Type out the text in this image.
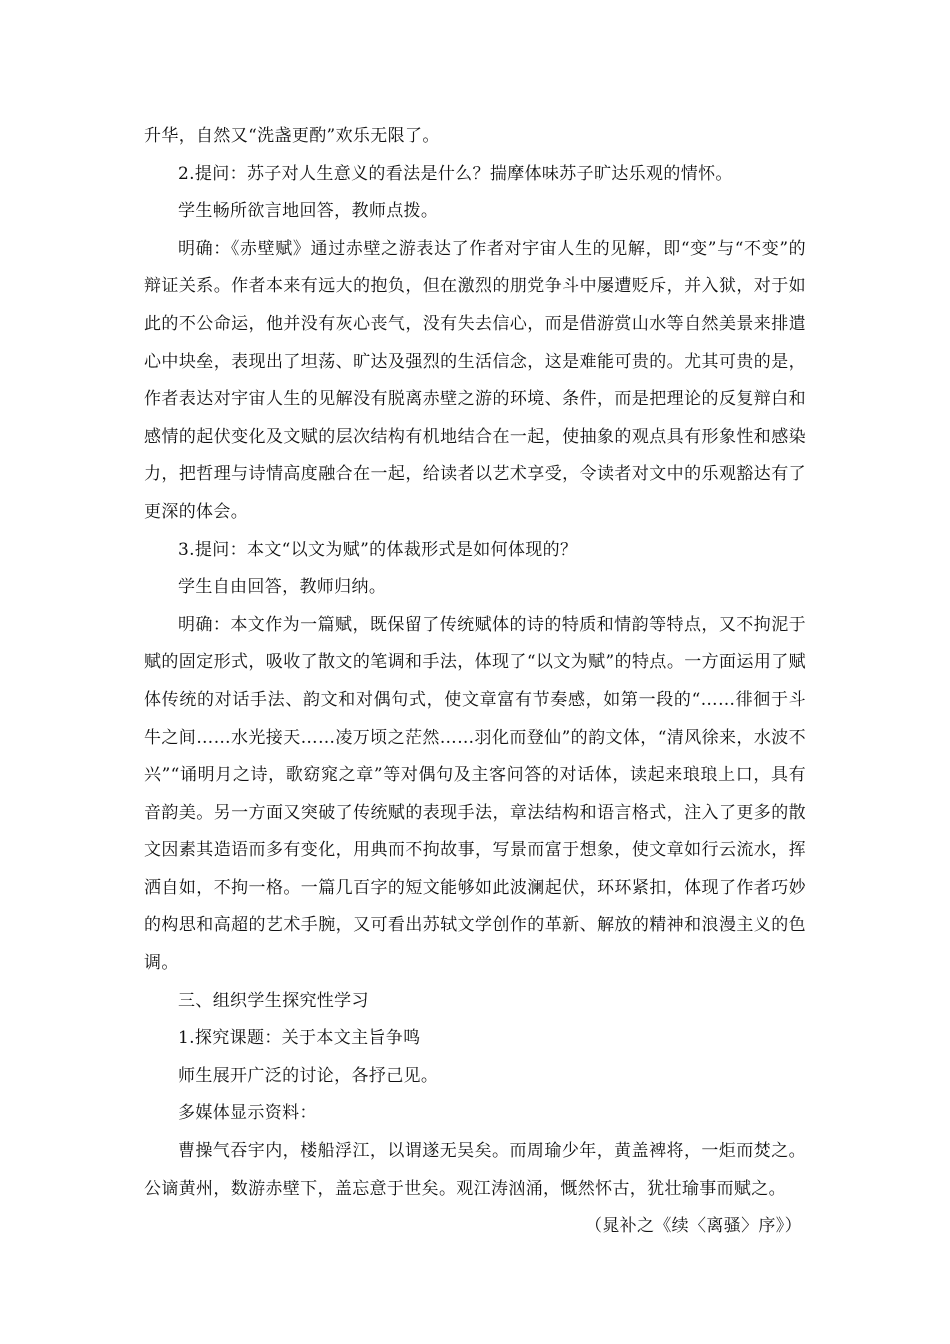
升华，自然又“洗盏更酌”欢乐无限了。

2.提问：苏子对人生意义的看法是什么？揣摩体味苏子旷达乐观的情怀。

学生畅所欲言地回答，教师点拨。

明确：《赤壁赋》通过赤壁之游表达了作者对宇宙人生的见解，即“变”与“不变”的辩证关系。作者本来有远大的抱负，但在激烈的朋党争斗中屡遭贬斥，并入狱，对于如此的不公命运，他并没有灰心丧气，没有失去信心，而是借游赏山水等自然美景来排遣心中块垒，表现出了坦荡、旷达及强烈的生活信念，这是难能可贵的。尤其可贵的是，作者表达对宇宙人生的见解没有脱离赤壁之游的环境、条件，而是把理论的反复辩白和感情的起伏变化及文赋的层次结构有机地结合在一起，使抽象的观点具有形象性和感染力，把哲理与诗情高度融合在一起，给读者以艺术享受，令读者对文中的乐观豁达有了更深的体会。

3.提问：本文“以文为赋”的体裁形式是如何体现的？

学生自由回答，教师归纳。

明确：本文作为一篇赋，既保留了传统赋体的诗的特质和情韵等特点，又不拘泥于赋的固定形式，吸收了散文的笔调和手法，体现了“以文为赋”的特点。一方面运用了赋体传统的对话手法、韵文和对偶句式，使文章富有节奏感，如第一段的“……徘徊于斗牛之间……水光接天……凌万顷之茫然……羽化而登仙”的韵文体，“清风徐来，水波不兴”“诵明月之诗，歌窈窕之章”等对偶句及主客问答的对话体，读起来琅琅上口，具有音韵美。另一方面又突破了传统赋的表现手法，章法结构和语言格式，注入了更多的散文因素其造语而多有变化，用典而不拘故事，写景而富于想象，使文章如行云流水，挥洒自如，不拘一格。一篇几百字的短文能够如此波澜起伏，环环紧扣，体现了作者巧妙的构思和高超的艺术手腕，又可看出苏轼文学创作的革新、解放的精神和浪漫主义的色调。

三、组织学生探究性学习

1.探究课题：关于本文主旨争鸣

师生展开广泛的讨论，各抒己见。

多媒体显示资料：

曹操气吞宇内，楼船浮江，以谓遂无吴矣。而周瑜少年，黄盖裨将，一炬而焚之。公谪黄州，数游赤壁下，盖忘意于世矣。观江涛汹涌，慨然怀古，犹壮瑜事而赋之。

（晁补之《续〈离骚〉序》）
